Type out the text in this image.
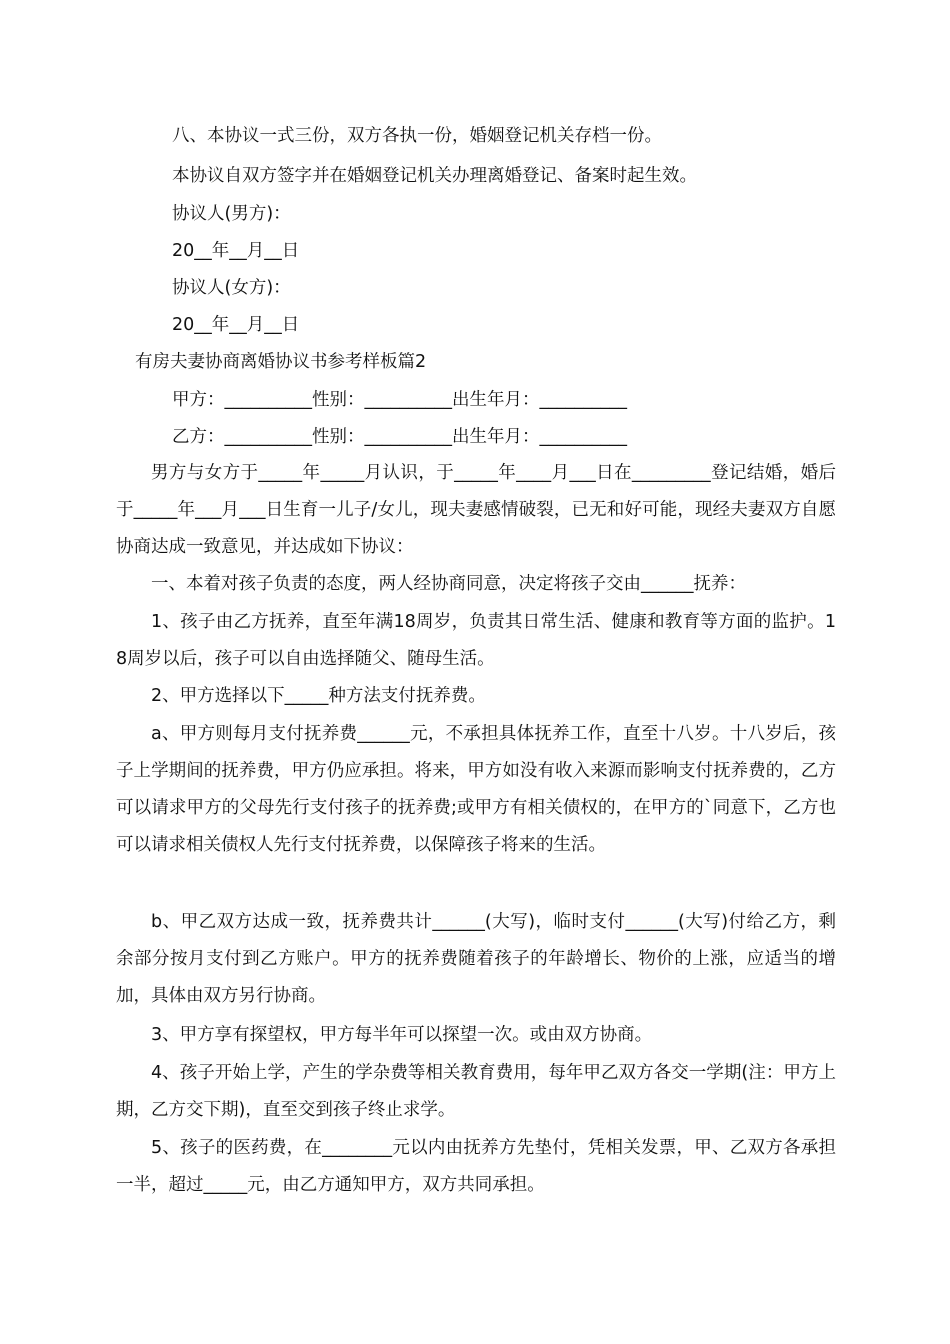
八、本协议一式三份，双方各执一份，婚姻登记机关存档一份。

本协议自双方签字并在婚姻登记机关办理离婚登记、备案时起生效。

协议人(男方)：

20__年__月__日

协议人(女方)：

20__年__月__日

有房夫妻协商离婚协议书参考样板篇2

甲方：__________性别：__________出生年月：__________

乙方：__________性别：__________出生年月：__________

男方与女方于_____年_____月认识，于_____年____月___日在_________登记结婚，婚后于_____年___月___日生育一儿子/女儿，现夫妻感情破裂，已无和好可能，现经夫妻双方自愿协商达成一致意见，并达成如下协议：

一、本着对孩子负责的态度，两人经协商同意，决定将孩子交由______抚养：

1、孩子由乙方抚养，直至年满18周岁，负责其日常生活、健康和教育等方面的监护。18周岁以后，孩子可以自由选择随父、随母生活。

2、甲方选择以下_____种方法支付抚养费。

a、甲方则每月支付抚养费______元，不承担具体抚养工作，直至十八岁。十八岁后，孩子上学期间的抚养费，甲方仍应承担。将来，甲方如没有收入来源而影响支付抚养费的，乙方可以请求甲方的父母先行支付孩子的抚养费;或甲方有相关债权的，在甲方的`同意下，乙方也可以请求相关债权人先行支付抚养费，以保障孩子将来的生活。

b、甲乙双方达成一致，抚养费共计______(大写)，临时支付______(大写)付给乙方，剩余部分按月支付到乙方账户。甲方的抚养费随着孩子的年龄增长、物价的上涨，应适当的增加，具体由双方另行协商。

3、甲方享有探望权，甲方每半年可以探望一次。或由双方协商。

4、孩子开始上学，产生的学杂费等相关教育费用，每年甲乙双方各交一学期(注：甲方上期，乙方交下期)，直至交到孩子终止求学。

5、孩子的医药费，在________元以内由抚养方先垫付，凭相关发票，甲、乙双方各承担一半，超过_____元，由乙方通知甲方，双方共同承担。
